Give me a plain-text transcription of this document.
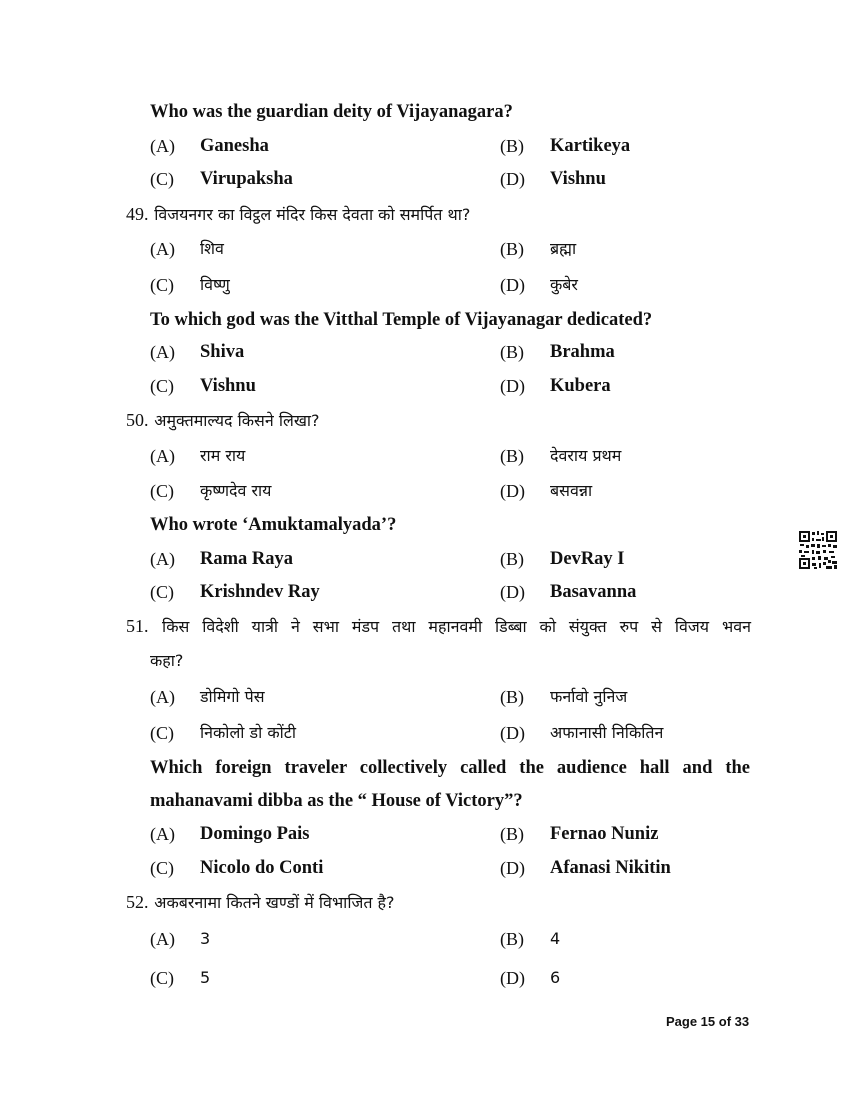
Who was the guardian deity of Vijayanagara?
(A) Ganesha	(B) Kartikeya
(C) Virupaksha	(D) Vishnu
49. विजयनगर का विट्ठल मंदिर किस देवता को समर्पित था?
(A) शिव	(B) ब्रह्मा
(C) विष्णु	(D) कुबेर
To which god was the Vitthal Temple of Vijayanagar dedicated?
(A) Shiva	(B) Brahma
(C) Vishnu	(D) Kubera
50. अमुक्तमाल्यद किसने लिखा?
(A) राम राय	(B) देवराय प्रथम
(C) कृष्णदेव राय	(D) बसवन्ना
Who wrote ‘Amuktamalyada’?
(A) Rama Raya	(B) DevRay I
(C) Krishndev Ray	(D) Basavanna
51. किस विदेशी यात्री ने सभा मंडप तथा महानवमी डिब्बा को संयुक्त रुप से विजय भवन
कहा?
(A) डोमिगो पेस	(B) फर्नावो नुनिज
(C) निकोलो डो कोंटी	(D) अफानासी निकितिन
Which foreign traveler collectively called the audience hall and the
mahanavami dibba as the “ House of Victory”?
(A) Domingo Pais	(B) Fernao Nuniz
(C) Nicolo do Conti	(D) Afanasi Nikitin
52. अकबरनामा कितने खण्डों में विभाजित है?
(A) 3	(B) 4
(C) 5	(D) 6
Page 15 of 33
